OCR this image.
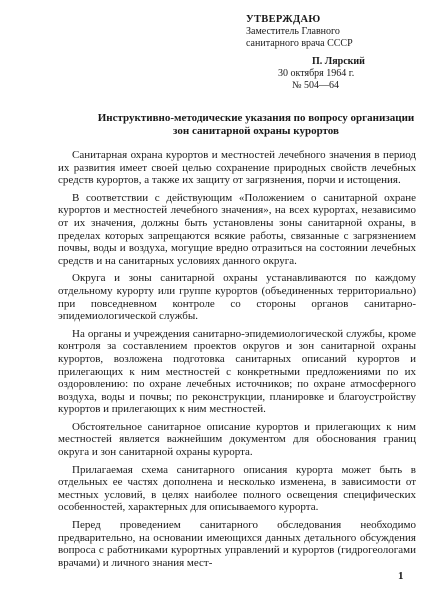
УТВЕРЖДАЮ
Заместитель Главного
санитарного врача СССР
П. Лярский
30 октября 1964 г.
№ 504—64
Инструктивно-методические указания по вопросу организации
зон санитарной охраны курортов
Санитарная охрана курортов и местностей лечебного значения в период их развития имеет своей целью сохранение природных свойств лечебных средств курортов, а также их защиту от загрязнения, порчи и истощения.
В соответствии с действующим «Положением о санитарной охране курортов и местностей лечебного значения», на всех курортах, независимо от их значения, должны быть установлены зоны санитарной охраны, в пределах которых запрещаются всякие работы, связанные с загрязнением почвы, воды и воздуха, могущие вредно отразиться на состоянии лечебных средств и на санитарных условиях данного округа.
Округа и зоны санитарной охраны устанавливаются по каждому отдельному курорту или группе курортов (объединенных территориально) при повседневном контроле со стороны органов санитарно-эпидемиологической службы.
На органы и учреждения санитарно-эпидемиологической службы, кроме контроля за составлением проектов округов и зон санитарной охраны курортов, возложена подготовка санитарных описаний курортов и прилегающих к ним местностей с конкретными предложениями по их оздоровлению: по охране лечебных источников; по охране атмосферного воздуха, воды и почвы; по реконструкции, планировке и благоустройству курортов и прилегающих к ним местностей.
Обстоятельное санитарное описание курортов и прилегающих к ним местностей является важнейшим документом для обоснования границ округа и зон санитарной охраны курорта.
Прилагаемая схема санитарного описания курорта может быть в отдельных ее частях дополнена и несколько изменена, в зависимости от местных условий, в целях наиболее полного освещения специфических особенностей, характерных для описываемого курорта.
Перед проведением санитарного обследования необходимо предварительно, на основании имеющихся данных детального обсуждения вопроса с работниками курортных управлений и курортов (гидрогеологами врачами) и личного знания мест-
1
